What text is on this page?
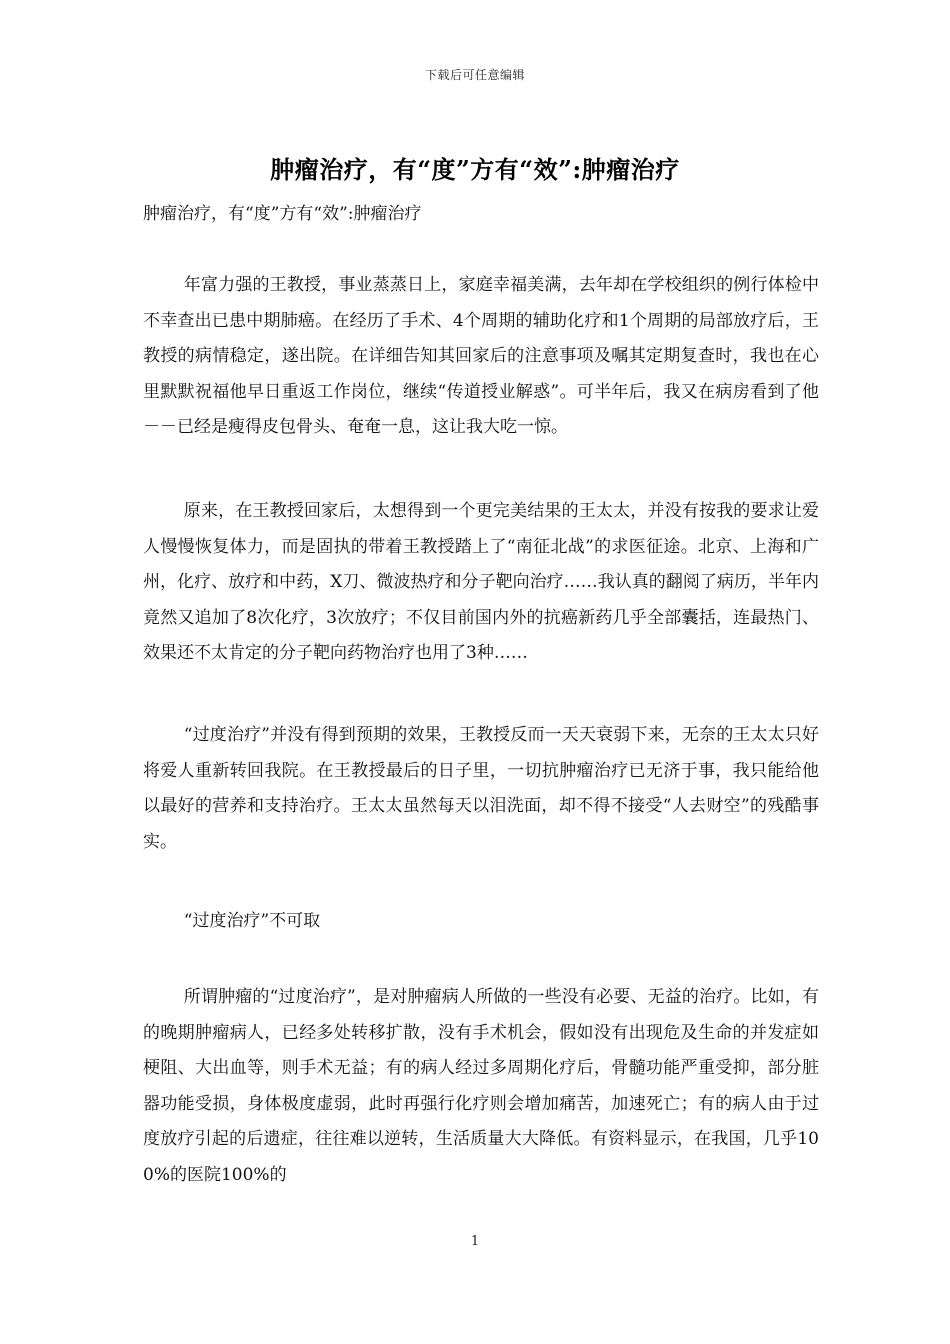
下载后可任意编辑
肿瘤治疗，有“度”方有“效”:肿瘤治疗
肿瘤治疗，有“度”方有“效”:肿瘤治疗

年富力强的王教授，事业蒸蒸日上，家庭幸福美满，去年却在学校组织的例行体检中不幸查出已患中期肺癌。在经历了手术、4个周期的辅助化疗和1个周期的局部放疗后，王教授的病情稳定，遂出院。在详细告知其回家后的注意事项及嘱其定期复查时，我也在心里默默祝福他早日重返工作岗位，继续“传道授业解惑”。可半年后，我又在病房看到了他－－已经是瘦得皮包骨头、奄奄一息，这让我大吃一惊。

原来，在王教授回家后，太想得到一个更完美结果的王太太，并没有按我的要求让爱人慢慢恢复体力，而是固执的带着王教授踏上了“南征北战”的求医征途。北京、上海和广州，化疗、放疗和中药，X刀、微波热疗和分子靶向治疗……我认真的翻阅了病历，半年内竟然又追加了8次化疗，3次放疗；不仅目前国内外的抗癌新药几乎全部囊括，连最热门、效果还不太肯定的分子靶向药物治疗也用了3种……

“过度治疗”并没有得到预期的效果，王教授反而一天天衰弱下来，无奈的王太太只好将爱人重新转回我院。在王教授最后的日子里，一切抗肿瘤治疗已无济于事，我只能给他以最好的营养和支持治疗。王太太虽然每天以泪洗面，却不得不接受“人去财空”的残酷事实。

“过度治疗”不可取

所谓肿瘤的“过度治疗”，是对肿瘤病人所做的一些没有必要、无益的治疗。比如，有的晚期肿瘤病人，已经多处转移扩散，没有手术机会，假如没有出现危及生命的并发症如梗阻、大出血等，则手术无益；有的病人经过多周期化疗后，骨髓功能严重受抑，部分脏器功能受损，身体极度虚弱，此时再强行化疗则会增加痛苦，加速死亡；有的病人由于过度放疗引起的后遗症，往往难以逆转，生活质量大大降低。有资料显示，在我国，几乎100%的医院100%的

1
